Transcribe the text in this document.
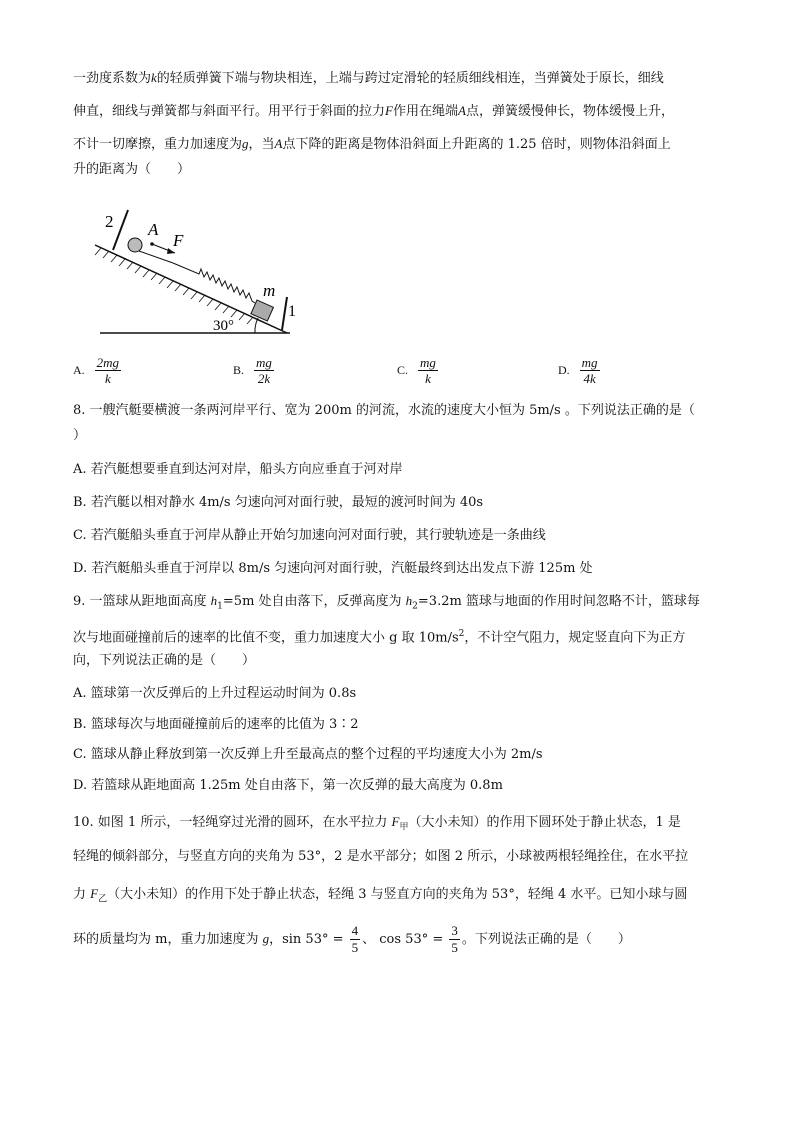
一劲度系数为k的轻质弹簧下端与物块相连，上端与跨过定滑轮的轻质细线相连，当弹簧处于原长，细线
伸直，细线与弹簧都与斜面平行。用平行于斜面的拉力F作用在绳端A点，弹簧缓慢伸长，物体缓慢上升，
不计一切摩擦，重力加速度为g，当A点下降的距离是物体沿斜面上升距离的 1.25 倍时，则物体沿斜面上
升的距离为（　　）
2 A
F
m
1
30°
A. $\frac{2mg}{k}$	B. $\frac{mg}{2k}$	C. $\frac{mg}{k}$	D. $\frac{mg}{4k}$
8. 一艘汽艇要横渡一条两河岸平行、宽为 200m 的河流，水流的速度大小恒为 5m/s 。下列说法正确的是（
）
A. 若汽艇想要垂直到达河对岸，船头方向应垂直于河对岸
B. 若汽艇以相对静水 4m/s 匀速向河对面行驶，最短的渡河时间为 40s
C. 若汽艇船头垂直于河岸从静止开始匀加速向河对面行驶，其行驶轨迹是一条曲线
D. 若汽艇船头垂直于河岸以 8m/s 匀速向河对面行驶，汽艇最终到达出发点下游 125m 处
9. 一篮球从距地面高度 $h_1=5m$ 处自由落下，反弹高度为 $h_2=3.2m$ 篮球与地面的作用时间忽略不计，篮球每
次与地面碰撞前后的速率的比值不变，重力加速度大小 g 取 $10m/s^2$，不计空气阻力，规定竖直向下为正方
向，下列说法正确的是（　　）
A. 篮球第一次反弹后的上升过程运动时间为 0.8s
B. 篮球每次与地面碰撞前后的速率的比值为 3∶2
C. 篮球从静止释放到第一次反弹上升至最高点的整个过程的平均速度大小为 2m/s
D. 若篮球从距地面高 1.25m 处自由落下，第一次反弹的最大高度为 0.8m
10. 如图 1 所示，一轻绳穿过光滑的圆环，在水平拉力 $F_甲$（大小未知）的作用下圆环处于静止状态，1 是
轻绳的倾斜部分，与竖直方向的夹角为 53°，2 是水平部分；如图 2 所示，小球被两根轻绳拴住，在水平拉
力 $F_乙$（大小未知）的作用下处于静止状态，轻绳 3 与竖直方向的夹角为 53°，轻绳 4 水平。已知小球与圆
环的质量均为 m，重力加速度为 g，$\sin 53^\circ = \frac{4}{5}$ 、 $\cos 53^\circ = \frac{3}{5}$ 。下列说法正确的是（　　）
